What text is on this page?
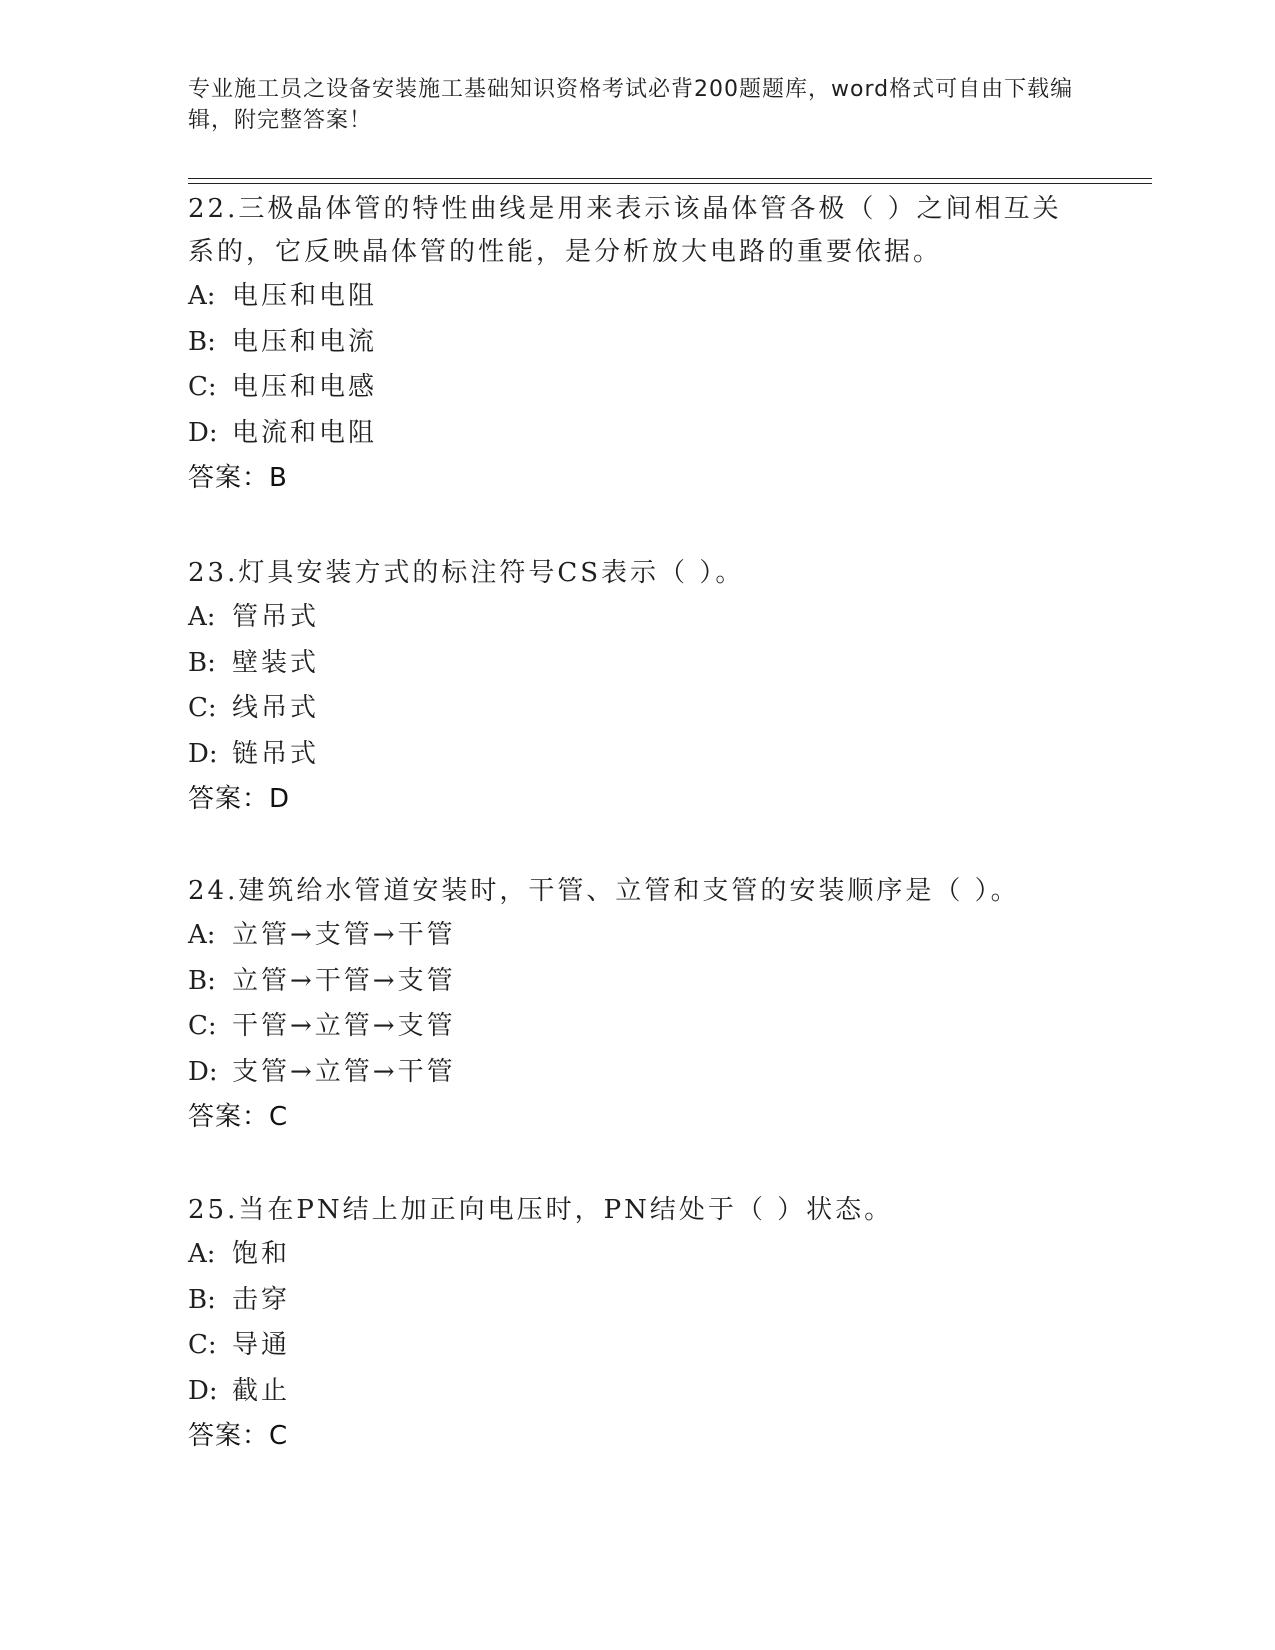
专业施工员之设备安装施工基础知识资格考试必背200题题库，word格式可自由下载编辑，附完整答案！

22.三极晶体管的特性曲线是用来表示该晶体管各极（ ）之间相互关系的，它反映晶体管的性能，是分析放大电路的重要依据。

A: 电压和电阻
B: 电压和电流
C: 电压和电感
D: 电流和电阻
答案：B

23.灯具安装方式的标注符号CS表示（ ）。

A: 管吊式
B: 壁装式
C: 线吊式
D: 链吊式
答案：D

24.建筑给水管道安装时，干管、立管和支管的安装顺序是（ ）。

A: 立管→支管→干管
B: 立管→干管→支管
C: 干管→立管→支管
D: 支管→立管→干管
答案：C

25.当在PN结上加正向电压时，PN结处于（ ）状态。

A: 饱和
B: 击穿
C: 导通
D: 截止
答案：C
